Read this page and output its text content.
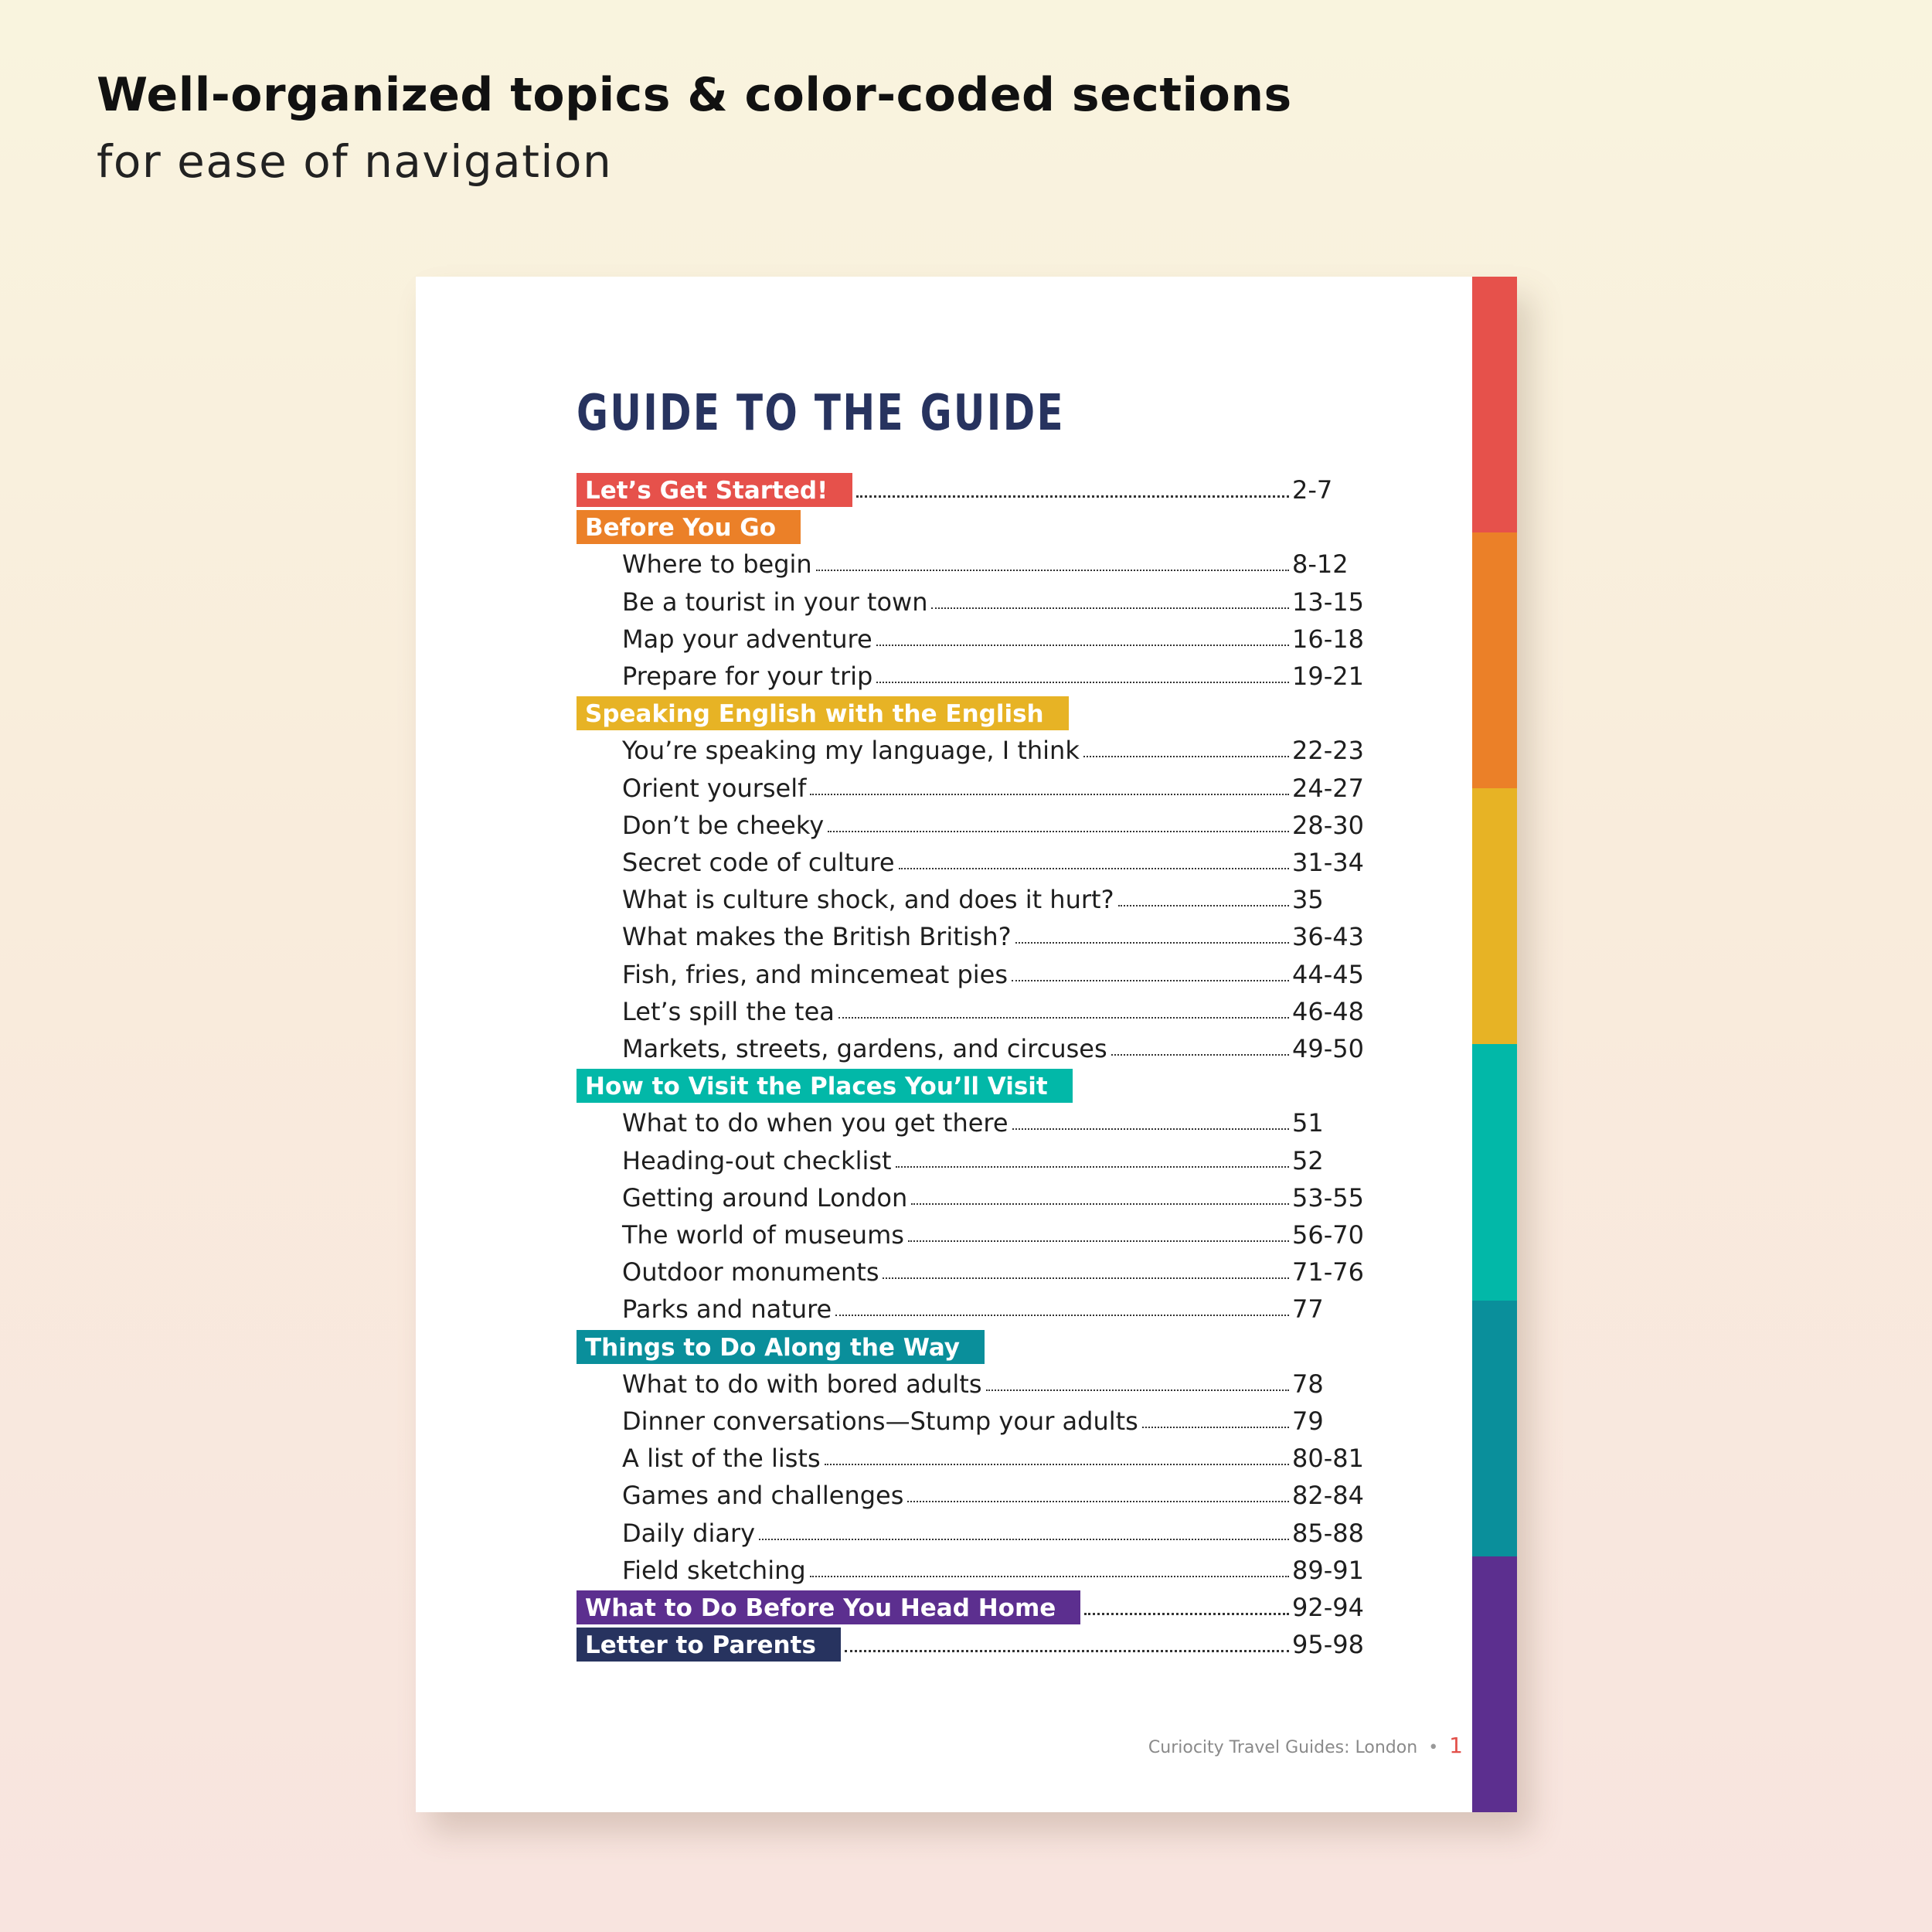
Well-organized topics & color-coded sections

for ease of navigation

GUIDE TO THE GUIDE
Let’s Get Started!	2-7
Before You Go
Where to begin	8-12
Be a tourist in your town	13-15
Map your adventure	16-18
Prepare for your trip	19-21
Speaking English with the English
You’re speaking my language, I think	22-23
Orient yourself	24-27
Don’t be cheeky	28-30
Secret code of culture	31-34
What is culture shock, and does it hurt?	35
What makes the British British?	36-43
Fish, fries, and mincemeat pies	44-45
Let’s spill the tea	46-48
Markets, streets, gardens, and circuses	49-50
How to Visit the Places You’ll Visit
What to do when you get there	51
Heading-out checklist	52
Getting around London	53-55
The world of museums	56-70
Outdoor monuments	71-76
Parks and nature	77
Things to Do Along the Way
What to do with bored adults	78
Dinner conversations—Stump your adults	79
A list of the lists	80-81
Games and challenges	82-84
Daily diary	85-88
Field sketching	89-91
What to Do Before You Head Home	92-94
Letter to Parents	95-98
Curiocity Travel Guides: London • 1
